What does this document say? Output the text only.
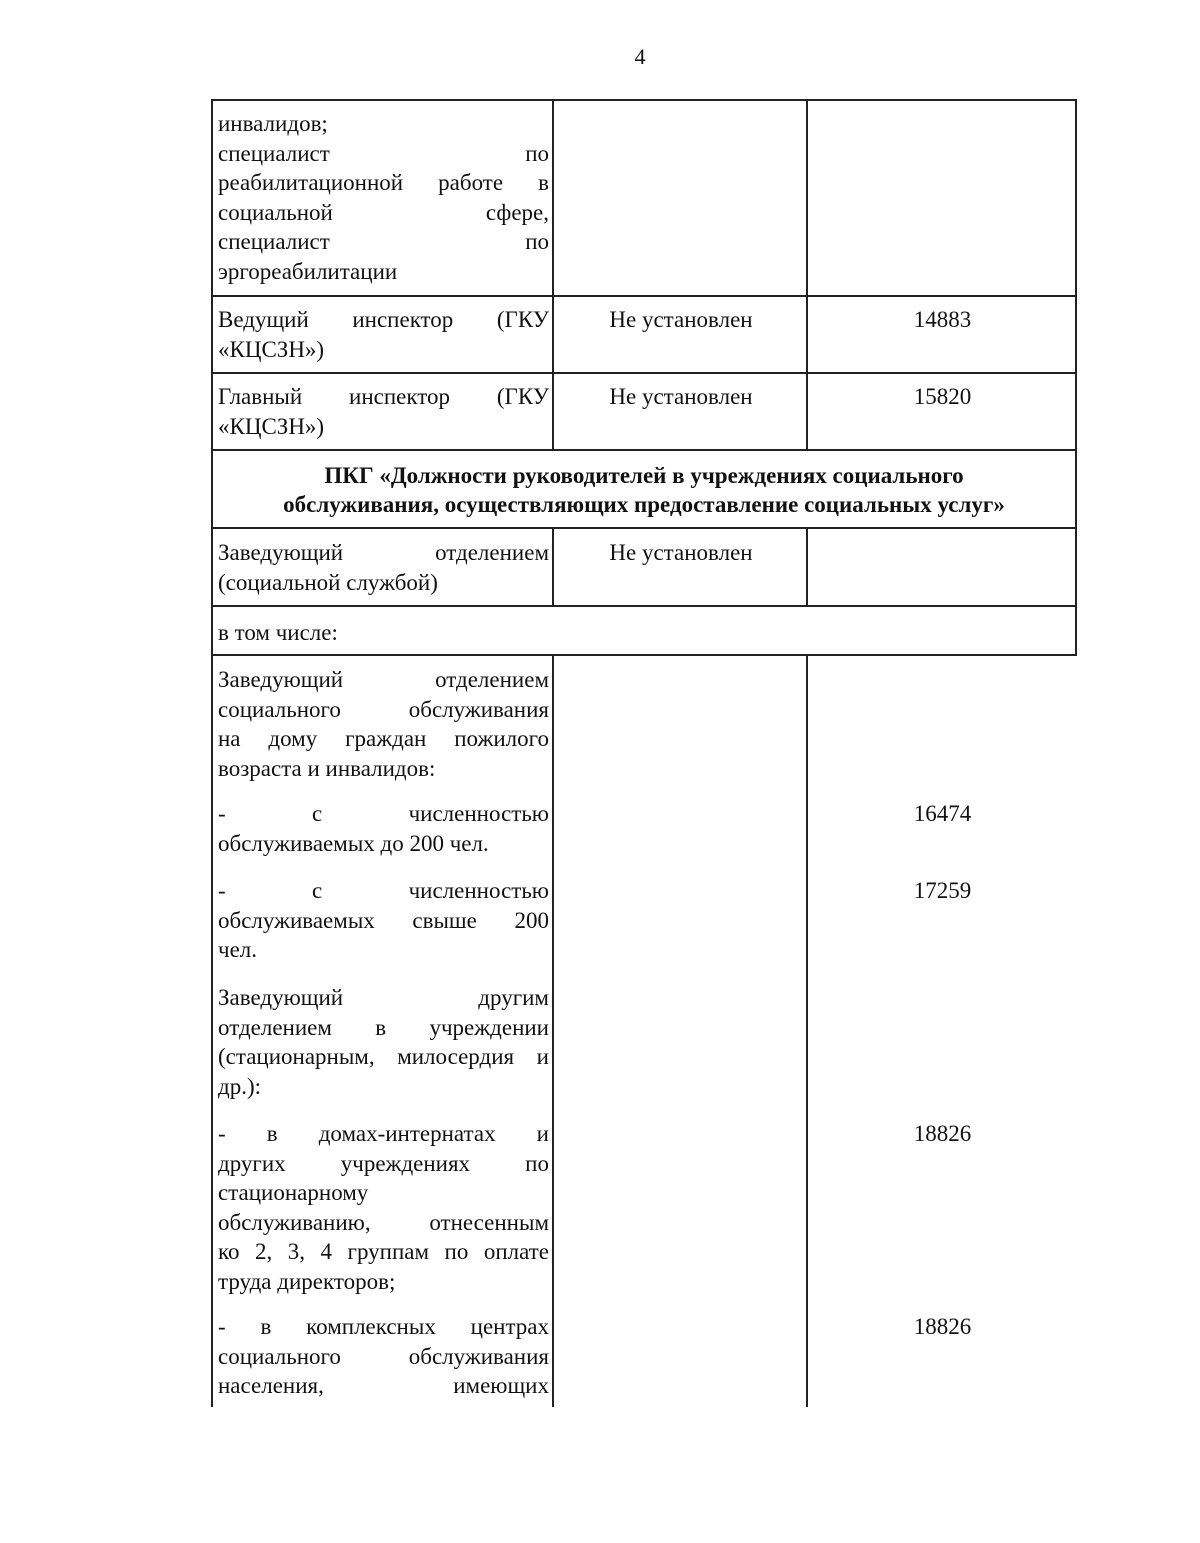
4
инвалидов;
специалист по
реабилитационной работе в
социальной сфере,
специалист по
эргореабилитации
Ведущий инспектор (ГКУ
«КЦСЗН»)
Не установлен	14883
Главный инспектор (ГКУ
«КЦСЗН»)
Не установлен	15820
ПКГ «Должности руководителей в учреждениях социального
обслуживания, осуществляющих предоставление социальных услуг»
Заведующий отделением
(социальной службой)
Не установлен
в том числе:
Заведующий отделением
социального обслуживания
на дому граждан пожилого
возраста и инвалидов:
- с численностью
обслуживаемых до 200 чел.
16474
- с численностью
обслуживаемых свыше 200
чел.
17259
Заведующий другим
отделением в учреждении
(стационарным, милосердия и
др.):
- в домах-интернатах и
других учреждениях по
стационарному
обслуживанию, отнесенным
ко 2, 3, 4 группам по оплате
труда директоров;
18826
- в комплексных центрах
социального обслуживания
населения, имеющих
18826
